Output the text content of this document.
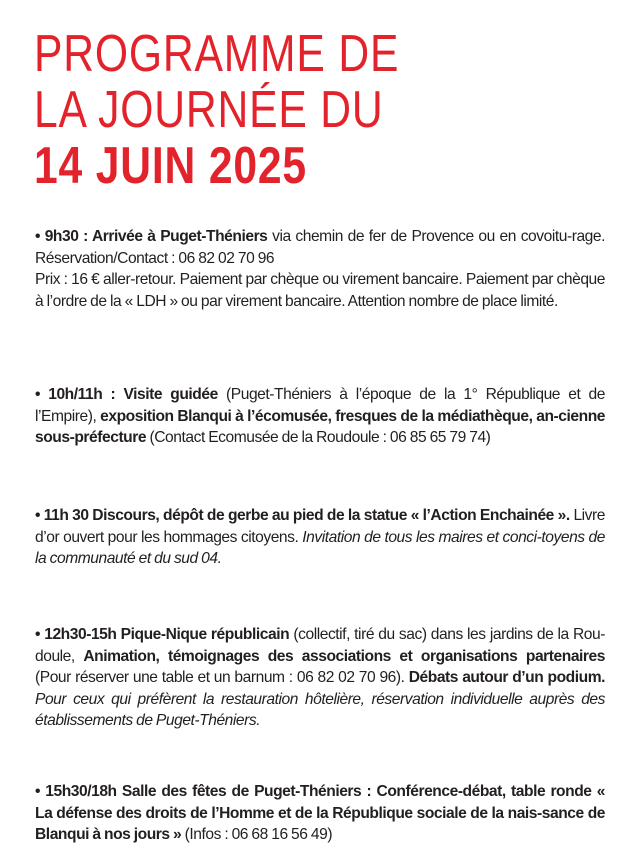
PROGRAMME DE
LA JOURNÉE DU
14 JUIN 2025

• 9h30 : Arrivée à Puget-Théniers via chemin de fer de Provence ou en covoitu-rage. Réservation/Contact : 06 82 02 70 96
Prix : 16 € aller-retour. Paiement par chèque ou virement bancaire. Paiement par chèque à l’ordre de la « LDH » ou par virement bancaire. Attention nombre de place limité.

• 10h/11h : Visite guidée (Puget-Théniers à l’époque de la 1° République et de l’Empire), exposition Blanqui à l’écomusée, fresques de la médiathèque, an-cienne sous-préfecture (Contact Ecomusée de la Roudoule : 06 85 65 79 74)

• 11h 30 Discours, dépôt de gerbe au pied de la statue « l’Action Enchainée ». Livre d’or ouvert pour les hommages citoyens. Invitation de tous les maires et conci-toyens de la communauté et du sud 04.

• 12h30-15h Pique-Nique républicain (collectif, tiré du sac) dans les jardins de la Rou-doule, Animation, témoignages des associations et organisations partenaires (Pour réserver une table et un barnum : 06 82 02 70 96). Débats autour d’un podium. Pour ceux qui préfèrent la restauration hôtelière, réservation individuelle auprès des établissements de Puget-Théniers.

• 15h30/18h Salle des fêtes de Puget-Théniers : Conférence-débat, table ronde « La défense des droits de l’Homme et de la République sociale de la nais-sance de Blanqui à nos jours » (Infos : 06 68 16 56 49)
